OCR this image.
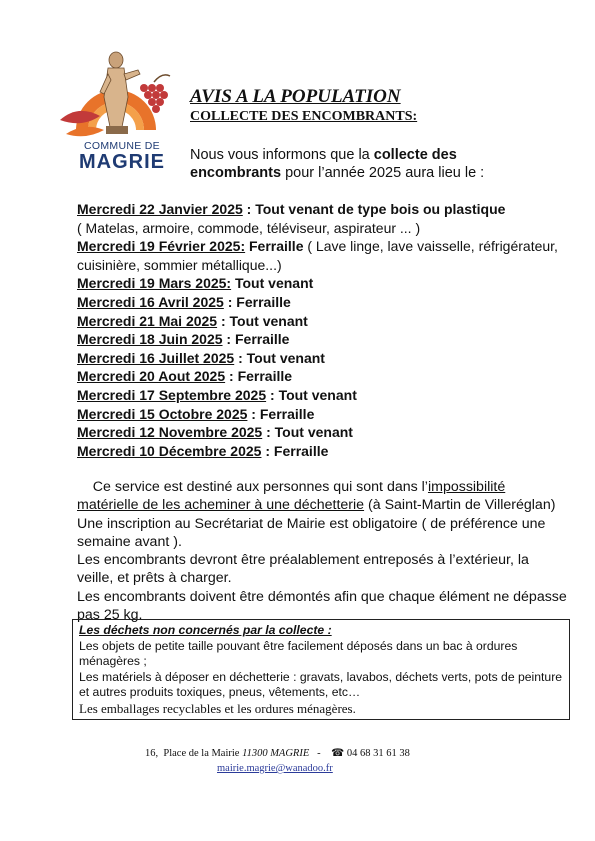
COMMUNE DE
MAGRIE
AVIS A LA POPULATION
COLLECTE DES ENCOMBRANTS:
Nous vous informons que la collecte des encombrants pour l’année 2025 aura lieu le :
Mercredi 22 Janvier 2025 : Tout venant de type bois ou plastique
( Matelas, armoire, commode, téléviseur, aspirateur ... )
Mercredi 19 Février 2025: Ferraille ( Lave linge, lave vaisselle, réfrigérateur, cuisinière, sommier métallique...)
Mercredi 19 Mars 2025: Tout venant
Mercredi 16 Avril 2025 : Ferraille
Mercredi 21 Mai 2025 : Tout venant
Mercredi 18 Juin 2025 : Ferraille
Mercredi 16 Juillet 2025 : Tout venant
Mercredi 20 Aout 2025 : Ferraille
Mercredi 17 Septembre 2025 : Tout venant
Mercredi 15 Octobre 2025 : Ferraille
Mercredi 12 Novembre 2025 : Tout venant
Mercredi 10 Décembre 2025 : Ferraille

Ce service est destiné aux personnes qui sont dans l’impossibilité matérielle de les acheminer à une déchetterie (à Saint-Martin de Villeréglan) Une inscription au Secrétariat de Mairie est obligatoire ( de préférence une semaine avant ).

Les encombrants devront être préalablement entreposés à l’extérieur, la veille, et prêts à charger.

Les encombrants doivent être démontés afin que chaque élément ne dépasse pas 25 kg.

Les déchets non concernés par la collecte :
Les objets de petite taille pouvant être facilement déposés dans un bac à ordures ménagères ;
Les matériels à déposer en déchetterie : gravats, lavabos, déchets verts, pots de peinture et autres produits toxiques, pneus, vêtements, etc…
Les emballages recyclables et les ordures ménagères.
16,  Place de la Mairie 11300 MAGRIE   -    ☎ 04 68 31 61 38
mairie.magrie@wanadoo.fr
